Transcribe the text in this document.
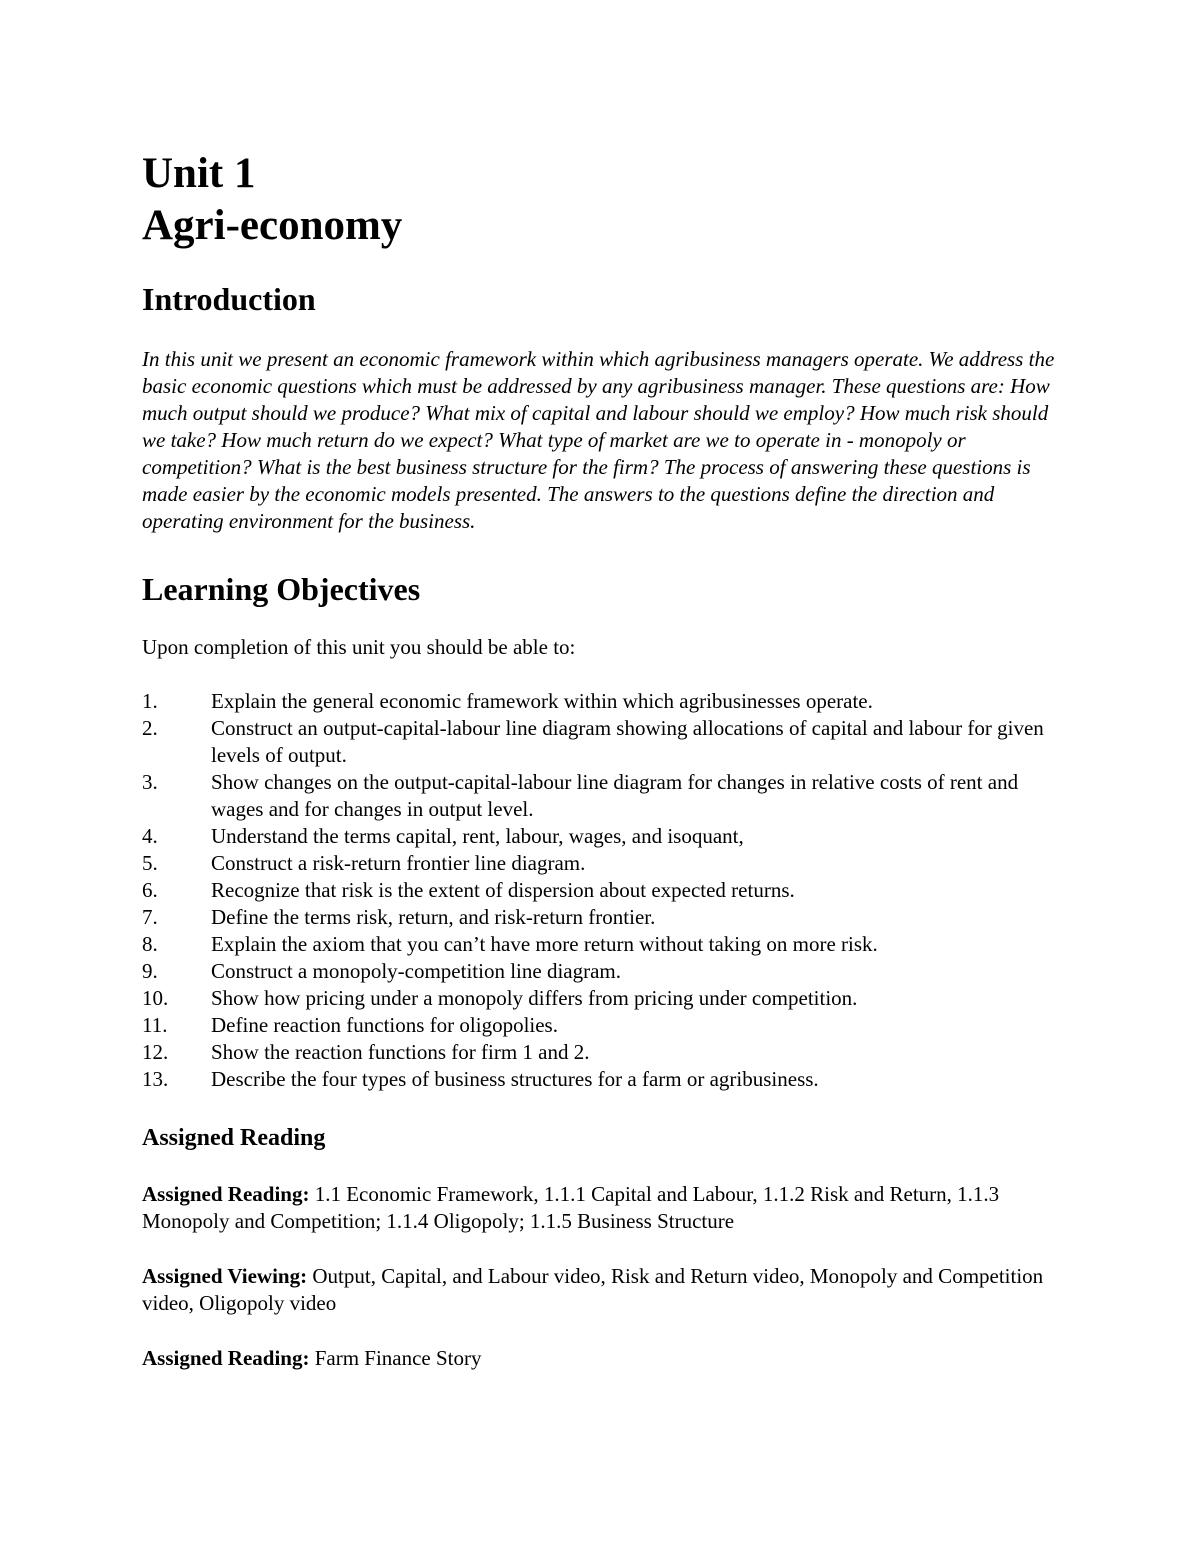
Unit 1
Agri-economy
Introduction

In this unit we present an economic framework within which agribusiness managers operate. We address the basic economic questions which must be addressed by any agribusiness manager. These questions are: How much output should we produce? What mix of capital and labour should we employ? How much risk should we take? How much return do we expect? What type of market are we to operate in - monopoly or competition? What is the best business structure for the firm? The process of answering these questions is made easier by the economic models presented. The answers to the questions define the direction and operating environment for the business.

Learning Objectives

Upon completion of this unit you should be able to:

1.	Explain the general economic framework within which agribusinesses operate.
2.	Construct an output-capital-labour line diagram showing allocations of capital and labour for given levels of output.
3.	Show changes on the output-capital-labour line diagram for changes in relative costs of rent and wages and for changes in output level.
4.	Understand the terms capital, rent, labour, wages, and isoquant,
5.	Construct a risk-return frontier line diagram.
6.	Recognize that risk is the extent of dispersion about expected returns.
7.	Define the terms risk, return, and risk-return frontier.
8.	Explain the axiom that you can’t have more return without taking on more risk.
9.	Construct a monopoly-competition line diagram.
10.	Show how pricing under a monopoly differs from pricing under competition.
11.	Define reaction functions for oligopolies.
12.	Show the reaction functions for firm 1 and 2.
13.	Describe the four types of business structures for a farm or agribusiness.
Assigned Reading

Assigned Reading: 1.1 Economic Framework, 1.1.1 Capital and Labour, 1.1.2 Risk and Return, 1.1.3 Monopoly and Competition; 1.1.4 Oligopoly; 1.1.5 Business Structure

Assigned Viewing: Output, Capital, and Labour video, Risk and Return video, Monopoly and Competition video, Oligopoly video

Assigned Reading: Farm Finance Story
